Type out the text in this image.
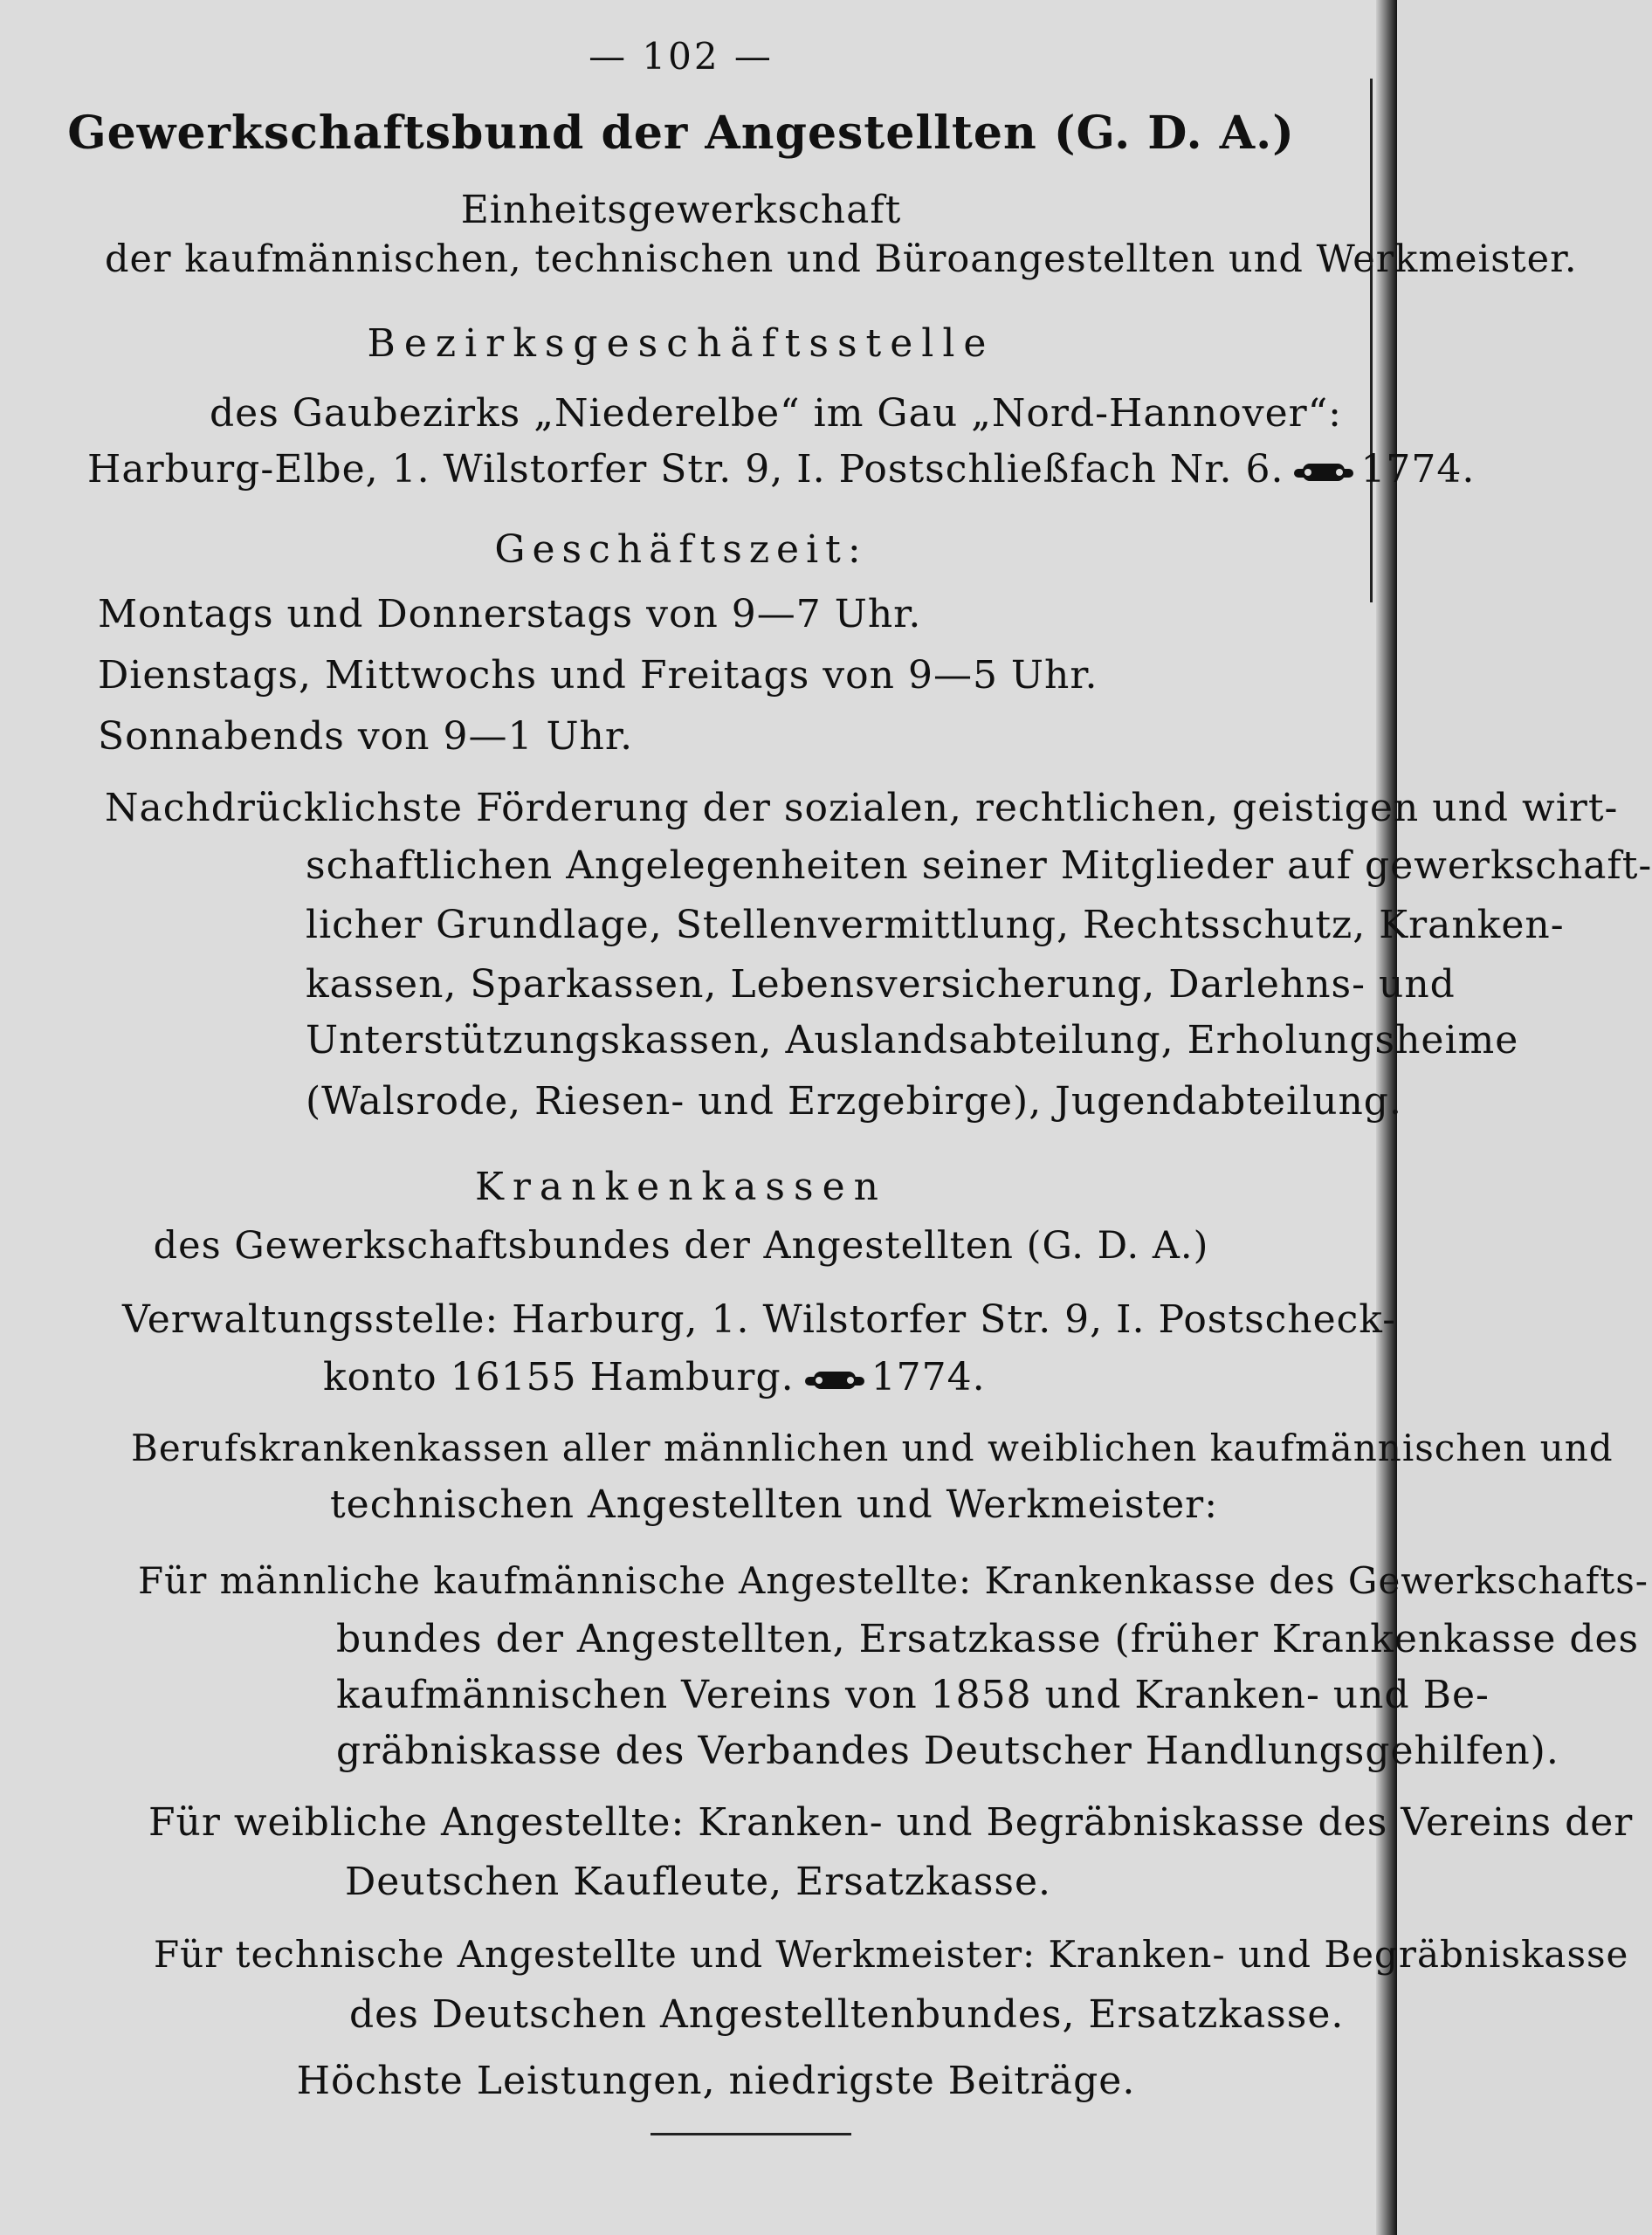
— 102 —
Gewerkschaftsbund der Angestellten (G. D. A.)
Einheitsgewerkschaft
der kaufmännischen, technischen und Büroangestellten und Werkmeister.
Bezirksgeschäftsstelle
des Gaubezirks „Niederelbe“ im Gau „Nord-Hannover“:
Harburg-Elbe, 1. Wilstorfer Str. 9, I. Postschließfach Nr. 6. 1774.
Geschäftszeit:
Montags und Donnerstags von 9—7 Uhr.
Dienstags, Mittwochs und Freitags von 9—5 Uhr.
Sonnabends von 9—1 Uhr.
Nachdrücklichste Förderung der sozialen, rechtlichen, geistigen und wirt-
schaftlichen Angelegenheiten seiner Mitglieder auf gewerkschaft-
licher Grundlage, Stellenvermittlung, Rechtsschutz, Kranken-
kassen, Sparkassen, Lebensversicherung, Darlehns- und
Unterstützungskassen, Auslandsabteilung, Erholungsheime
(Walsrode, Riesen- und Erzgebirge), Jugendabteilung.
Krankenkassen
des Gewerkschaftsbundes der Angestellten (G. D. A.)
Verwaltungsstelle: Harburg, 1. Wilstorfer Str. 9, I. Postscheck-
konto 16155 Hamburg. 1774.
Berufskrankenkassen aller männlichen und weiblichen kaufmännischen und
technischen Angestellten und Werkmeister:
Für männliche kaufmännische Angestellte: Krankenkasse des Gewerkschafts-
bundes der Angestellten, Ersatzkasse (früher Krankenkasse des
kaufmännischen Vereins von 1858 und Kranken- und Be-
gräbniskasse des Verbandes Deutscher Handlungsgehilfen).
Für weibliche Angestellte: Kranken- und Begräbniskasse des Vereins der
Deutschen Kaufleute, Ersatzkasse.
Für technische Angestellte und Werkmeister: Kranken- und Begräbniskasse
des Deutschen Angestelltenbundes, Ersatzkasse.
Höchste Leistungen, niedrigste Beiträge.
